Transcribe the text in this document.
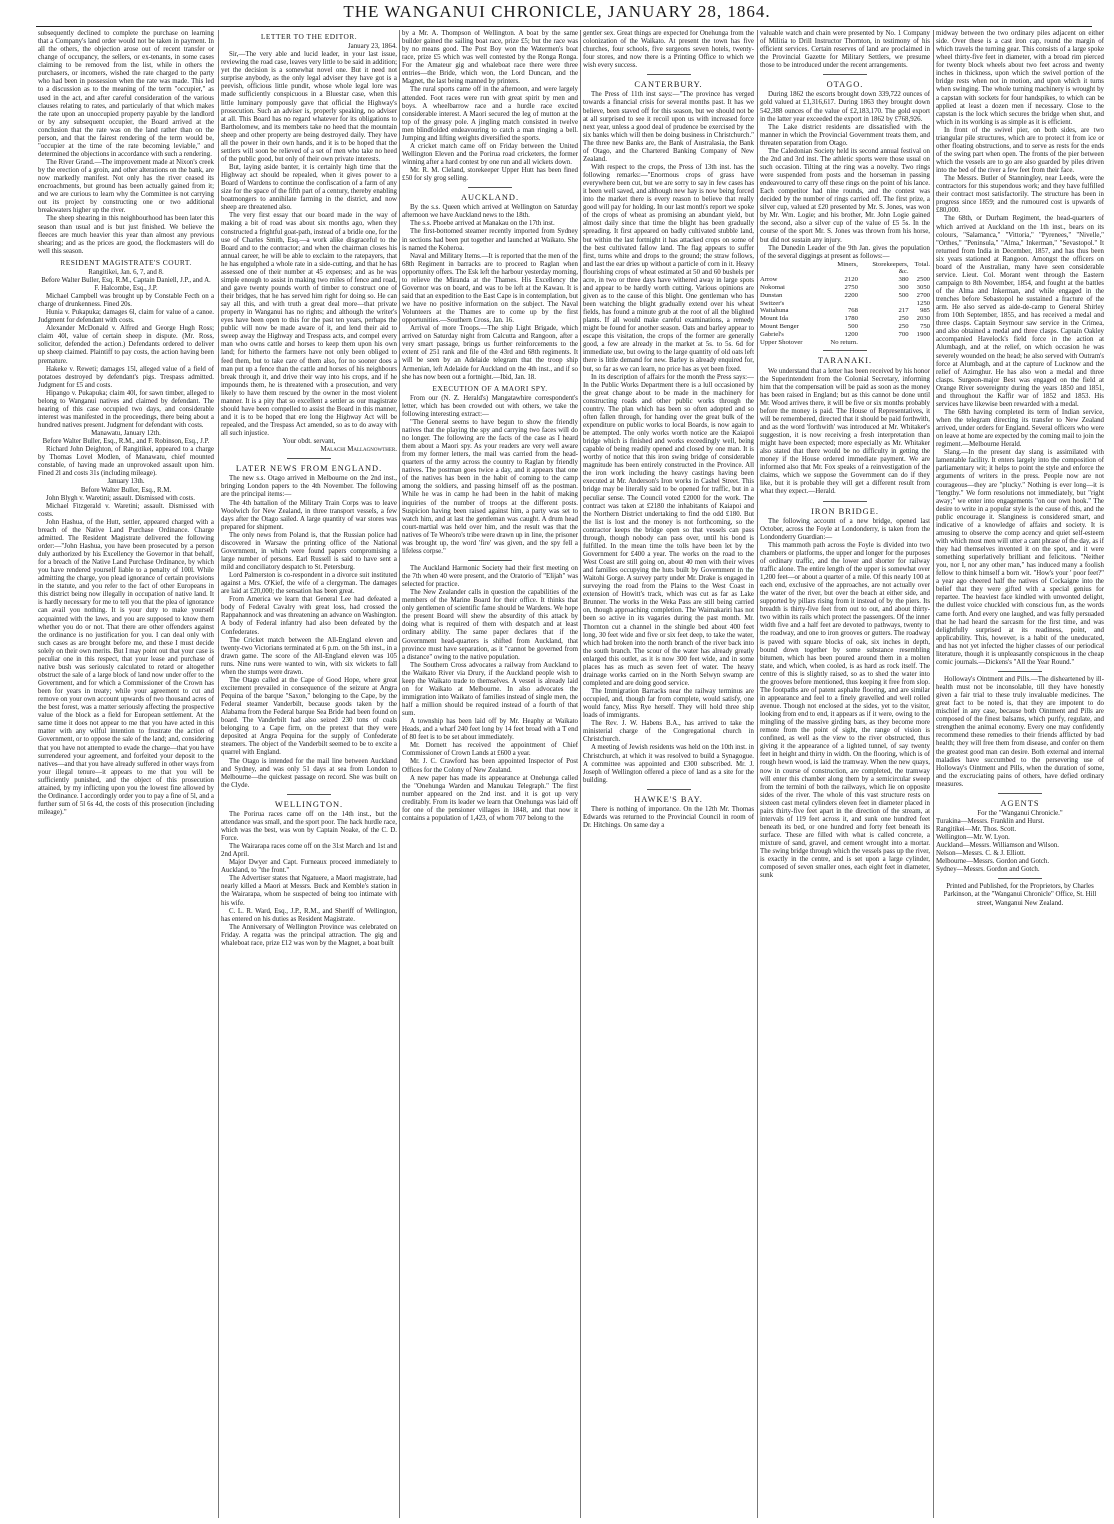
THE WANGANUI CHRONICLE, JANUARY 28, 1864.

subsequently declined to complete the purchase on learning that a Company's land order would not be taken in payment. In all the others, the objection arose out of recent transfer or change of occupancy, the sellers, or ex-tenants, in some cases claiming to be removed from the list, while in others the purchasers, or incomers, wished the rate charged to the party who had been in possession when the rate was made. This led to a discussion as to the meaning of the term "occupier," as used in the act, and after careful consideration of the various clauses relating to rates, and particularly of that which makes the rate upon an unoccupied property payable by the landlord or by any subsequent occupier, the Board arrived at the conclusion that the rate was on the land rather than on the person, and that the fairest rendering of the term would be, "occupier at the time of the rate becoming leviable," and determined the objections in accordance with such a rendering.

The River Grand.—The improvement made at Nixon's creek by the erection of a groin, and other alterations on the bank, are now markedly manifest. Not only has the river ceased its encroachments, but ground has been actually gained from it; and we are curious to learn why the Committee is not carrying out its project by constructing one or two additional breakwaters higher up the river.

The sheep shearing in this neighbourhood has been later this season than usual and is but just finished. We believe the fleeces are much heavier this year than almost any previous shearing; and as the prices are good, the flockmasters will do well this season.

RESIDENT MAGISTRATE'S COURT.

Rangitikei, Jan. 6, 7, and 8.

Before Walter Buller, Esq. R.M., Captain Daniell, J.P., and A. F. Halcombe, Esq., J.P.

Michael Campbell was brought up by Constable Fecth on a charge of drunkenness. Fined 20s.

Hunia v. Pukapuka; damages 6l, claim for value of a canoe. Judgment for defendant with costs.

Alexander McDonald v. Alfred and George Hugh Ross; claim 40l, value of certain sheep in dispute. (Mr. Ross, solicitor, defended the action.) Defendants ordered to deliver up sheep claimed. Plaintiff to pay costs, the action having been premature.

Hakeke v. Reweti; damages 15l, alleged value of a field of potatoes destroyed by defendant's pigs. Trespass admitted. Judgment for £5 and costs.

Hipango v. Pukapuka; claim 40l, for sawn timber, alleged to belong to Wanganui natives and claimed by defendant. The hearing of this case occupied two days, and considerable interest was manifested in the proceedings, there being about a hundred natives present. Judgment for defendant with costs.

Manawatu, January 12th.

Before Walter Buller, Esq., R.M., and F. Robinson, Esq., J.P.

Richard John Deighton, of Rangitikei, appeared to a charge by Thomas Lovel Modlen, of Manawatu, chief mounted constable, of having made an unprovoked assault upon him. Fined 2l and costs 31s (including mileage).

January 13th.

Before Walter Buller, Esq., R.M.

John Blygh v. Waretini; assault. Dismissed with costs.

Michael Fitzgerald v. Waretini; assault. Dismissed with costs.

John Hashua, of the Hutt, settler, appeared charged with a breach of the Native Land Purchase Ordinance. Charge admitted. The Resident Magistrate delivered the following order:—"John Hashua, you have been prosecuted by a person duly authorized by his Excellency the Governor in that behalf, for a breach of the Native Land Purchase Ordinance, by which you have rendered yourself liable to a penalty of 100l. While admitting the charge, you plead ignorance of certain provisions in the statute, and you refer to the fact of other Europeans in this district being now illegally in occupation of native land. It is hardly necessary for me to tell you that the plea of ignorance can avail you nothing. It is your duty to make yourself acquainted with the laws, and you are supposed to know them whether you do or not. That there are other offenders against the ordinance is no justification for you. I can deal only with such cases as are brought before me, and these I must decide solely on their own merits. But I may point out that your case is peculiar one in this respect, that your lease and purchase of native bush was seriously calculated to retard or altogether obstruct the sale of a large block of land now under offer to the Government, and for which a Commissioner of the Crown has been for years in treaty; while your agreement to cut and remove on your own account upwards of two thousand acres of the best forest, was a matter seriously affecting the prospective value of the block as a field for European settlement. At the same time it does not appear to me that you have acted in this matter with any wilful intention to frustrate the action of Government, or to oppose the sale of the land; and, considering that you have not attempted to evade the charge—that you have surrendered your agreement, and forfeited your deposit to the natives—and that you have already suffered in other ways from your illegal tenure—it appears to me that you will be sufficiently punished, and the object of this prosecution attained, by my inflicting upon you the lowest fine allowed by the Ordinance. I accordingly order you to pay a fine of 5l, and a further sum of 5l 6s 4d, the costs of this prosecution (including mileage)."

LETTER TO THE EDITOR.

January 23, 1864.

Sir,—The very able and lucid leader, in your last issue, reviewing the road case, leaves very little to be said in addition; yet the decision is a somewhat novel one. But it need not surprise anybody, as the only legal adviser they have got is a peevish, officious little pundit, whose whole legal lore was made sufficiently conspicuous in a Bluestar case, when this little luminary pompously gave that official the Highway's prosecution. Such an adviser is, properly speaking, no adviser at all. This Board has no regard whatever for its obligations to Bartholomew, and its members take no heed that the mountain sheep and other property are being destroyed daily. They have all the power in their own hands, and it is to be hoped that the settlers will soon be relieved of a set of men who take no heed of the public good, but only of their own private interests.

But, laying aside banter, it is certainly high time that the Highway act should be repealed, when it gives power to a Board of Wardens to continue the confiscation of a farm of any size for the space of the fifth part of a century, thereby enabling boatmongers to annihilate farming in the district, and now sheep are threatened also.

The very first essay that our board made in the way of making a bit of road was about six months ago, when they constructed a frightful goat-path, instead of a bridle one, for the use of Charles Smith, Esq.—a work alike disgraceful to the Board and to the contractor; and when the chairman closes his annual career, he will be able to exclaim to the ratepayers, that he has engulphed a whole rate in a side-cutting, and that he has assessed one of their number at 45 expenses; and as he was simple enough to assist in making two miles of fence and road, and gave twenty pounds worth of timber to construct one of their bridges, that he has served him right for doing so. He can say all this, and with truth a great deal more—that private property in Wanganui has no rights; and although the writer's eyes have been open to this for the past ten years, perhaps the public will now be made aware of it, and lend their aid to sweep away the Highway and Trespass acts, and compel every man who owns cattle and horses to keep them upon his own land; for hitherto the farmers have not only been obliged to feed them, but to take care of them also, for no sooner does a man put up a fence than the cattle and horses of his neighbours break through it, and drive their way into his crops, and if he impounds them, he is threatened with a prosecution, and very likely to have them rescued by the owner in the most violent manner. It is a pity that so excellent a settler as our magistrate should have been compelled to assist the Board in this manner, and it is to be hoped that ere long the Highway Act will be repealed, and the Trespass Act amended, so as to do away with all such injustice.

Your obdt. servant,

Malachi Mallagnowther.

LATER NEWS FROM ENGLAND.

The new s.s. Otago arrived in Melbourne on the 2nd inst., bringing London papers to the 4th November. The following are the principal items:—

The 4th battalion of the Military Train Corps was to leave Woolwich for New Zealand, in three transport vessels, a few days after the Otago sailed. A large quantity of war stores was prepared for shipment.

The only news from Poland is, that the Russian police had discovered in Warsaw the printing office of the National Government, in which were found papers compromising a large number of persons. Earl Russell is said to have sent a mild and conciliatory despatch to St. Petersburg.

Lord Palmerston is co-respondent in a divorce suit instituted against a Mrs. O'Kief, the wife of a clergyman. The damages are laid at £20,000; the sensation has been great.

From America we learn that General Lee had defeated a body of Federal Cavalry with great loss, had crossed the Rappahannock and was threatening an advance on Washington. A body of Federal infantry had also been defeated by the Confederates.

The Cricket match between the All-England eleven and twenty-two Victorians terminated at 6 p.m. on the 5th inst., in a drawn game. The score of the All-England eleven was 105 runs. Nine runs were wanted to win, with six wickets to fall when the stumps were drawn.

The Otago called at the Cape of Good Hope, where great excitement prevailed in consequence of the seizure at Angra Pequina of the barque "Saxon," belonging to the Cape, by the Federal steamer Vanderbilt, because goods taken by the Alabama from the Federal barque Sea Bride had been found on board. The Vanderbilt had also seized 230 tons of coals belonging to a Cape firm, on the pretext that they were deposited at Angra Pequina for the supply of Confederate steamers. The object of the Vanderbilt seemed to be to excite a quarrel with England.

The Otago is intended for the mail line between Auckland and Sydney, and was only 51 days at sea from London to Melbourne—the quickest passage on record. She was built on the Clyde.

WELLINGTON.

The Porirua races came off on the 14th inst., but the attendance was small, and the sport poor. The hack hurdle race, which was the best, was won by Captain Noake, of the C. D. Force.

The Wairarapa races come off on the 31st March and 1st and 2nd April.

Major Dwyer and Capt. Furneaux proceed immediately to Auckland, to "the front."

The Advertiser states that Ngatuere, a Maori magistrate, had nearly killed a Maori at Messrs. Buck and Kemble's station in the Wairarapa, whom he suspected of being too intimate with his wife.

C. L. R. Ward, Esq., J.P., R.M., and Sheriff of Wellington, has entered on his duties as Resident Magistrate.

The Anniversary of Wellington Province was celebrated on Friday. A regatta was the principal attraction. The gig and whaleboat race, prize £12 was won by the Magnet, a boat built

by a Mr. A. Thompson of Wellington. A boat by the same builder gained the sailing boat race, prize £5; but the race was by no means good. The Post Boy won the Watermen's boat race, prize £5 which was well contested by the Ronga Ronga. For the Amateur gig and whaleboat race there were three entries—the Bride, which won, the Lord Duncan, and the Magnet, the last being manned by printers.

The rural sports came off in the afternoon, and were largely attended. Foot races were run with great spirit by men and boys. A wheelbarrow race and a hurdle race excited considerable interest. A Maori secured the leg of mutton at the top of the greasy pole. A jingling match consisted in twelve men blindfolded endeavouring to catch a man ringing a bell. Jumping and lifting weights diversified the sports.

A cricket match came off on Friday between the United Wellington Eleven and the Porirua road cricketers, the former winning after a hard contest by one run and all wickets down.

Mr. R. M. Cleland, storekeeper Upper Hutt has been fined £50 for sly grog selling.

AUCKLAND.

By the s.s. Queen which arrived at Wellington on Saturday afternoon we have Auckland news to the 18th.

The s.s. Phoebe arrived at Manakau on the 17th inst.

The first-bottomed steamer recently imported from Sydney in sections had been put together and launched at Waikato. She is named the Koheroa.

Naval and Military Items.—It is reported that the men of the 68th Regiment in barracks are to proceed to Raglan when opportunity offers. The Esk left the harbour yesterday morning, to relieve the Miranda at the Thames. His Excellency the Governor was on board, and was to be left at the Kawau. It is said that an expedition to the East Cape is in contemplation, but we have no positive information on the subject. The Naval Volunteers at the Thames are to come up by the first opportunities.—Southern Cross, Jan. 16.

Arrival of more Troops.—The ship Light Brigade, which arrived on Saturday night from Calcutta and Rangoon, after a very smart passage, brings us further reinforcements to the extent of 251 rank and file of the 43rd and 68th regiments. It will be seen by an Adelaide telegram that the troop ship Armenian, left Adelaide for Auckland on the 4th inst., and if so she has now been out a fortnight.—Ibid, Jan. 18.

EXECUTION OF A MAORI SPY.

From our (N. Z. Herald's) Mangatawhire correspondent's letter, which has been crowded out with others, we take the following interesting extract:—

"The General seems to have begun to show the friendly natives that the playing the spy and carrying two faces will do no longer. The following are the facts of the case as I heard them about a Maori spy. As your readers are very well aware from my former letters, the mail was carried from the head-quarters of the army across the country to Raglan by friendly natives. The postman goes twice a day, and it appears that one of the natives has been in the habit of coming to the camp among the soldiers, and passing himself off as the postman. While he was in camp he had been in the habit of making inquiries of the number of troops at the different posts. Suspicion having been raised against him, a party was set to watch him, and at last the gentleman was caught. A drum head court-martial was held over him, and the result was that the natives of Te Wheoro's tribe were drawn up in line, the prisoner was brought up, the word 'fire' was given, and the spy fell a lifeless corpse."

The Auckland Harmonic Society had their first meeting on the 7th when 40 were present, and the Oratorio of "Elijah" was selected for practice.

The New Zealander calls in question the capabilities of the members of the Marine Board for their office. It thinks that only gentlemen of scientific fame should be Wardens. We hope the present Board will shew the absurdity of this attack by doing what is required of them with despatch and at least ordinary ability. The same paper declares that if the Government head-quarters is shifted from Auckland, that province must have separation, as it "cannot be governed from a distance" owing to the native population.

The Southern Cross advocates a railway from Auckland to the Waikato River via Drury, if the Auckland people wish to keep the Waikato trade to themselves. A vessel is already laid on for Waikato at Melbourne. In also advocates the immigration into Waikato of families instead of single men, the half a million should be required instead of a fourth of that sum.

A township has been laid off by Mr. Heaphy at Waikato Heads, and a wharf 240 feet long by 14 feet broad with a T end of 80 feet is to be set about immediately.

Mr. Dornett has received the appointment of Chief Commissioner of Crown Lands at £600 a year.

Mr. J. C. Crawford has been appointed Inspector of Post Offices for the Colony of New Zealand.

A new paper has made its appearance at Onehunga called the "Onehunga Warden and Manukau Telegraph." The first number appeared on the 2nd inst. and it is got up very creditably. From its leader we learn that Onehunga was laid off for one of the pensioner villages in 1848, and that now it contains a population of 1,423, of whom 707 belong to the

gentler sex. Great things are expected for Onehunga from the colonization of the Waikato. At present the town has five churches, four schools, five surgeons seven hotels, twenty-four stores, and now there is a Printing Office to which we wish every success.

CANTERBURY.

The Press of 11th inst says:—"The province has verged towards a financial crisis for several months past. It has we believe, been staved off for this season, but we should not be at all surprised to see it recoil upon us with increased force next year, unless a good deal of prudence be exercised by the six banks which will then be doing business in Christchurch." The three new Banks are, the Bank of Australasia, the Bank of Otago, and the Chartered Banking Company of New Zealand.

With respect to the crops, the Press of 13th inst. has the following remarks:—"Enormous crops of grass have everywhere been cut, but we are sorry to say in few cases has it been well saved, and although new hay is now being forced into the market there is every reason to believe that really good will pay for holding. In our last month's report we spoke of the crops of wheat as promising an abundant yield, but almost daily since that time the blight has been gradually spreading. It first appeared on badly cultivated stubble land, but within the last fortnight it has attacked crops on some of the best cultivated fallow land. The flag appears to suffer first, turns white and drops to the ground; the straw follows, and last the ear dries up without a particle of corn in it. Heavy flourishing crops of wheat estimated at 50 and 60 bushels per acre, in two or three days have withered away in large spots and appear to be hardly worth cutting. Various opinions are given as to the cause of this blight. One gentleman who has been watching the blight gradually extend over his wheat fields, has found a minute grub at the root of all the blighted plants. If all would make careful examinations, a remedy might be found for another season. Oats and barley appear to escape this visitation, the crops of the former are generally good, a few are already in the market at 5s. to 5s. 6d for immediate use, but owing to the large quantity of old oats left there is little demand for new. Barley is already enquired for, but, so far as we can learn, no price has as yet been fixed.

In its description of affairs for the month the Press says:—In the Public Works Department there is a lull occasioned by the great change about to be made in the machinery for constructing roads and other public works through the country. The plan which has been so often adopted and so often fallen through, for handing over the great bulk of the expenditure on public works to local Boards, is now again to be attempted. The only works worth notice are the Kaiapoi bridge which is finished and works exceedingly well, being capable of being readily opened and closed by one man. It is worthy of notice that this iron swing bridge of considerable magnitude has been entirely constructed in the Province. All the iron work including the heavy castings having been executed at Mr. Anderson's Iron works in Cashel Street. This bridge may be literally said to be opened for traffic, but in a peculiar sense. The Council voted £2000 for the work. The contract was taken at £2180 the inhabitants of Kaiapoi and the Northern District undertaking to find the odd £180. But the list is lost and the money is not forthcoming, so the contractor keeps the bridge open so that vessels can pass through, though nobody can pass over, until his bond is fulfilled. In the mean time the tolls have been let by the Government for £400 a year. The works on the road to the West Coast are still going on, about 40 men with their wives and families occupying the huts built by Government in the Waitohi Gorge. A survey party under Mr. Drake is engaged in surveying the road from the Plains to the West Coast in extension of Howitt's track, which was cut as far as Lake Brunner. The works in the Weka Pass are still being carried on, though approaching completion. The Waimakariri has not been so active in its vagaries during the past month. Mr. Thornton cut a channel in the shingle bed about 400 feet long, 30 feet wide and five or six feet deep, to take the water, which had broken into the north branch of the river back into the south branch. The scour of the water has already greatly enlarged this outlet, as it is now 300 feet wide, and in some places has as much as seven feet of water. The heavy drainage works carried on in the North Selwyn swamp are completed and are doing good service.

The Immigration Barracks near the railway terminus are occupied, and, though far from complete, would satisfy, one would fancy, Miss Rye herself. They will hold three ship loads of immigrants.

The Rev. J. W. Habens B.A., has arrived to take the ministerial charge of the Congregational church in Christchurch.

A meeting of Jewish residents was held on the 10th inst. in Christchurch, at which it was resolved to build a Synagogue. A committee was appointed and £300 subscribed. Mr. J. Joseph of Wellington offered a piece of land as a site for the building.

HAWKE'S BAY.

There is nothing of importance. On the 12th Mr. Thomas Edwards was returned to the Provincial Council in room of Dr. Hitchings. On same day a

valuable watch and chain were presented by No. 1 Company of Militia to Drill Instructor Thornton, in testimony of his efficient services. Certain reserves of land are proclaimed in the Provincial Gazette for Military Settlers, we presume those to be introduced under the recent arrangements.

OTAGO.

During 1862 the escorts brought down 339,722 ounces of gold valued at £1,316,617. During 1863 they brought down 542,388 ounces of the value of £2,183,170. The gold export in the latter year exceeded the export in 1862 by £768,926.

The Lake district residents are dissatisfied with the manner in which the Provincial Government treats them, and threaten separation from Otago.

The Caledonian Society held its second annual festival on the 2nd and 3rd inst. The athletic sports were those usual on such occasion. Tilting at the ring was a novelty. Two rings were suspended from posts and the horseman in passing endeavoured to carry off these rings on the point of his lance. Each competitor had nine rounds, and the contest was decided by the number of rings carried off. The first prize, a silver cup, valued at £20 presented by Mr. S. Jones, was won by Mr. Wm. Logie; and his brother, Mr. John Logie gained the second, also a silver cup of the value of £5 5s. In the course of the sport Mr. S. Jones was thrown from his horse, but did not sustain any injury.

The Dunedin Leader of the 9th Jan. gives the population of the several diggings at present as follows:—

	Miners,	Storekeepers,	Total.
		&c.	
Arrow	2120	380	2500
Nokomai	2750	300	3050
Dunstan	2200	500	2700
Switzer's			1250
Waitahuna	768	217	985
Mount Ida	1780	250	2030
Mount Benger	500	250	750
Gabriel's	1200	700	1900
Upper Shotover	No return.		

TARANAKI.

We understand that a letter has been received by his honor the Superintendent from the Colonial Secretary, informing him that the compensation will be paid as soon as the money has been raised in England; but as this cannot be done until Mr. Wood arrives there, it will be five or six months probably before the money is paid. The House of Representatives, it will be remembered, directed that it should be paid forthwith, and as the word 'forthwith' was introduced at Mr. Whitaker's suggestion, it is now receiving a fresh interpretation than might have been expected; more especially as Mr. Whitaker also stated that there would be no difficulty in getting the money if the House ordered immediate payment. We are informed also that Mr. Fox speaks of a reinvestigation of the claims, which we suppose the Government can do if they like, but it is probable they will get a different result from what they expect.—Herald.

IRON BRIDGE.

The following account of a new bridge, opened last October, across the Foyle at Londonderry, is taken from the Londonderry Guardian:—

This mammoth path across the Foyle is divided into two chambers or platforms, the upper and longer for the purposes of ordinary traffic, and the lower and shorter for railway traffic alone. The entire length of the upper is somewhat over 1,200 feet—or about a quarter of a mile. Of this nearly 100 at each end, exclusive of the approaches, are not actually over the water of the river, but over the beach at either side, and supported by pillars rising from it instead of by the piers. Its breadth is thirty-five feet from out to out, and about thirty-two within its rails which protect the passengers. Of the inner width five and a half feet are devoted to pathways, twenty to the roadway, and one to iron grooves or gutters. The roadway is paved with square blocks of oak, six inches in depth, bound down together by some substance resembling bitumen, which has been poured around them in a molten state, and which, when cooled, is as hard as rock itself. The centre of this is slightly raised, so as to shed the water into the grooves before mentioned, thus keeping it free from slop. The footpaths are of patent asphalte flooring, and are similar in appearance and feel to a finely gravelled and well rolled avenue. Though not enclosed at the sides, yet to the visitor, looking from end to end, it appears as if it were, owing to the mingling of the massive girding bars, as they become more remote from the point of sight, the range of vision is confined, as well as the view to the river obstructed, thus giving it the appearance of a lighted tunnel, of say twenty feet in height and thirty in width. On the flooring, which is of rough hewn wood, is laid the tramway. When the new quays, now in course of construction, are completed, the tramway will enter this chamber along them by a semicircular sweep from the termini of both the railways, which lie on opposite sides of the river. The whole of this vast structure rests on sixteen cast metal cylinders eleven feet in diameter placed in pairs thirty-five feet apart in the direction of the stream, at intervals of 119 feet across it, and sunk one hundred feet beneath its bed, or one hundred and forty feet beneath its surface. These are filled with what is called concrete, a mixture of sand, gravel, and cement wrought into a mortar. The swing bridge through which the vessels pass up the river, is exactly in the centre, and is set upon a large cylinder, composed of seven smaller ones, each eight feet in diameter, sunk

midway between the two ordinary piles adjacent on either side. Over these is a cast iron cap, round the margin of which travels the turning gear. This consists of a large spoke wheel thirty-five feet in diameter, with a broad rim pierced for twenty block wheels about two feet across and twenty inches in thickness, upon which the swivel portion of the bridge rests when not in motion, and upon which it turns when swinging. The whole turning machinery is wrought by a capstan with sockets for four handspikes, to which can be applied at least a dozen men if necessary. Close to the capstan is the lock which secures the bridge when shut, and which in its working is as simple as it is efficient.

In front of the swivel pier, on both sides, are two triangular pile structures, which are to protect it from ice or other floating obstructions, and to serve as rests for the ends of the swing part when open. The fronts of the pier between which the vessels are to go are also guarded by piles driven into the bed of the river a few feet from their face.

The Messrs. Butler of Stanningley, near Leeds, were the contractors for this stupendous work; and they have fulfilled their contract most satisfactorily. The structure has been in progress since 1859; and the rumoured cost is upwards of £80,000.

The 68th, or Durham Regiment, the head-quarters of which arrived at Auckland on the 1th inst., bears on its colours, "Salamanca," "Vittoria," "Pyrenees," "Nivelle," "Orthes," "Peninsula," "Alma," Inkerman," "Sevastopol." It returned from India in December, 1857, and has thus been six years stationed at Rangoon. Amongst the officers on board of the Australian, many have seen considerable service. Lieut. Col. Morant went through the Eastern campaign to 8th November, 1854, and fought at the battles of the Alma and Inkerman, and while engaged in the trenches before Sebastopol he sustained a fracture of the arm. He also served as aide-de-camp to General Shirley from 10th September, 1855, and has received a medal and three clasps. Captain Seymour saw service in the Crimea, and also obtained a medal and three clasps. Captain Oakley accompanied Havelock's field force in the action at Alumbagh, and at the relief, on which occasion he was severely wounded on the head; he also served with Outram's force at Alumbagh, and at the capture of Lucknow and the relief of Azimghur. He has also won a medal and three clasps. Surgeon-major Best was engaged on the field at Orange River sovereignty during the years 1850 and 1851, and throughout the Kaffir war of 1852 and 1853. His services have likewise been rewarded with a medal.

The 68th having completed its term of Indian service, when the telegram directing its transfer to New Zealand arrived, under orders for England. Several officers who were on leave at home are expected by the coming mail to join the regiment.—Melbourne Herald.

Slang.—In the present day slang is assimilated with lamentable facility. It enters largely into the composition of parliamentary wit; it helps to point the style and enforce the arguments of writers in the press. People now are not courageous—they are "plucky." Nothing is ever long—it is "lengthy." We form resolutions not immediately, but "right away;" we enter into engagements "on our own hook." The desire to write in a popular style is the cause of this, and the public encourage it. Slanginess is considered smart, and indicative of a knowledge of affairs and society. It is amusing to observe the comp acency and quiet self-esteem with which most men will utter a cant phrase of the day, as if they had themselves invented it on the spot, and it were something superlatively brilliant and felicitous. "Neither you, nor I, nor any other man," has induced many a foolish fellow to think himself a born wit. "How's your ' poor feet?" a year ago cheered half the natives of Cockaigne into the belief that they were gifted with a special genius for repartee. The heaviest face kindled with unwonted delight, the dullest voice chuckled with conscious fun, as the words came forth. And every one laughed, and was fully persuaded that he had heard the sarcasm for the first time, and was delightfully surprised at its readiness, point, and applicability. This, however, is a habit of the uneducated, and has not yet infected the higher classes of our periodical literature, though it is unpleasantly conspicuous in the cheap comic journals.—Dickens's "All the Year Round."

Holloway's Ointment and Pills.—The disheartened by ill-health must not be inconsolable, till they have honestly given a fair trial to these truly invaluable medicines. The great fact to be noted is, that they are impotent to do mischief in any case, because both Ointment and Pills are composed of the finest balsams, which purify, regulate, and strengthen the animal economy. Every one may confidently recommend these remedies to their friends afflicted by bad health; they will free them from disease, and confer on them the greatest good man can desire. Both external and internal maladies have succumbed to the persevering use of Holloway's Ointment and Pills, when the duration of some, and the excruciating pains of others, have defied ordinary measures.

AGENTS

For the "Wanganui Chronicle."

Turakina—Messrs. Franklin and Hurst.

Rangitikei—Mr. Thos. Scott.

Wellington—Mr. W. Lyon.

Auckland—Messrs. Williamson and Wilson.

Nelson—Messrs. C. & J. Elliott.

Melbourne—Messrs. Gordon and Gotch.

Sydney—Messrs. Gordon and Gotch.

Printed and Published, for the Proprietors, by Charles Parkinson, at the "Wanganui Chronicle" Office, St. Hill street, Wanganui New Zealand.
